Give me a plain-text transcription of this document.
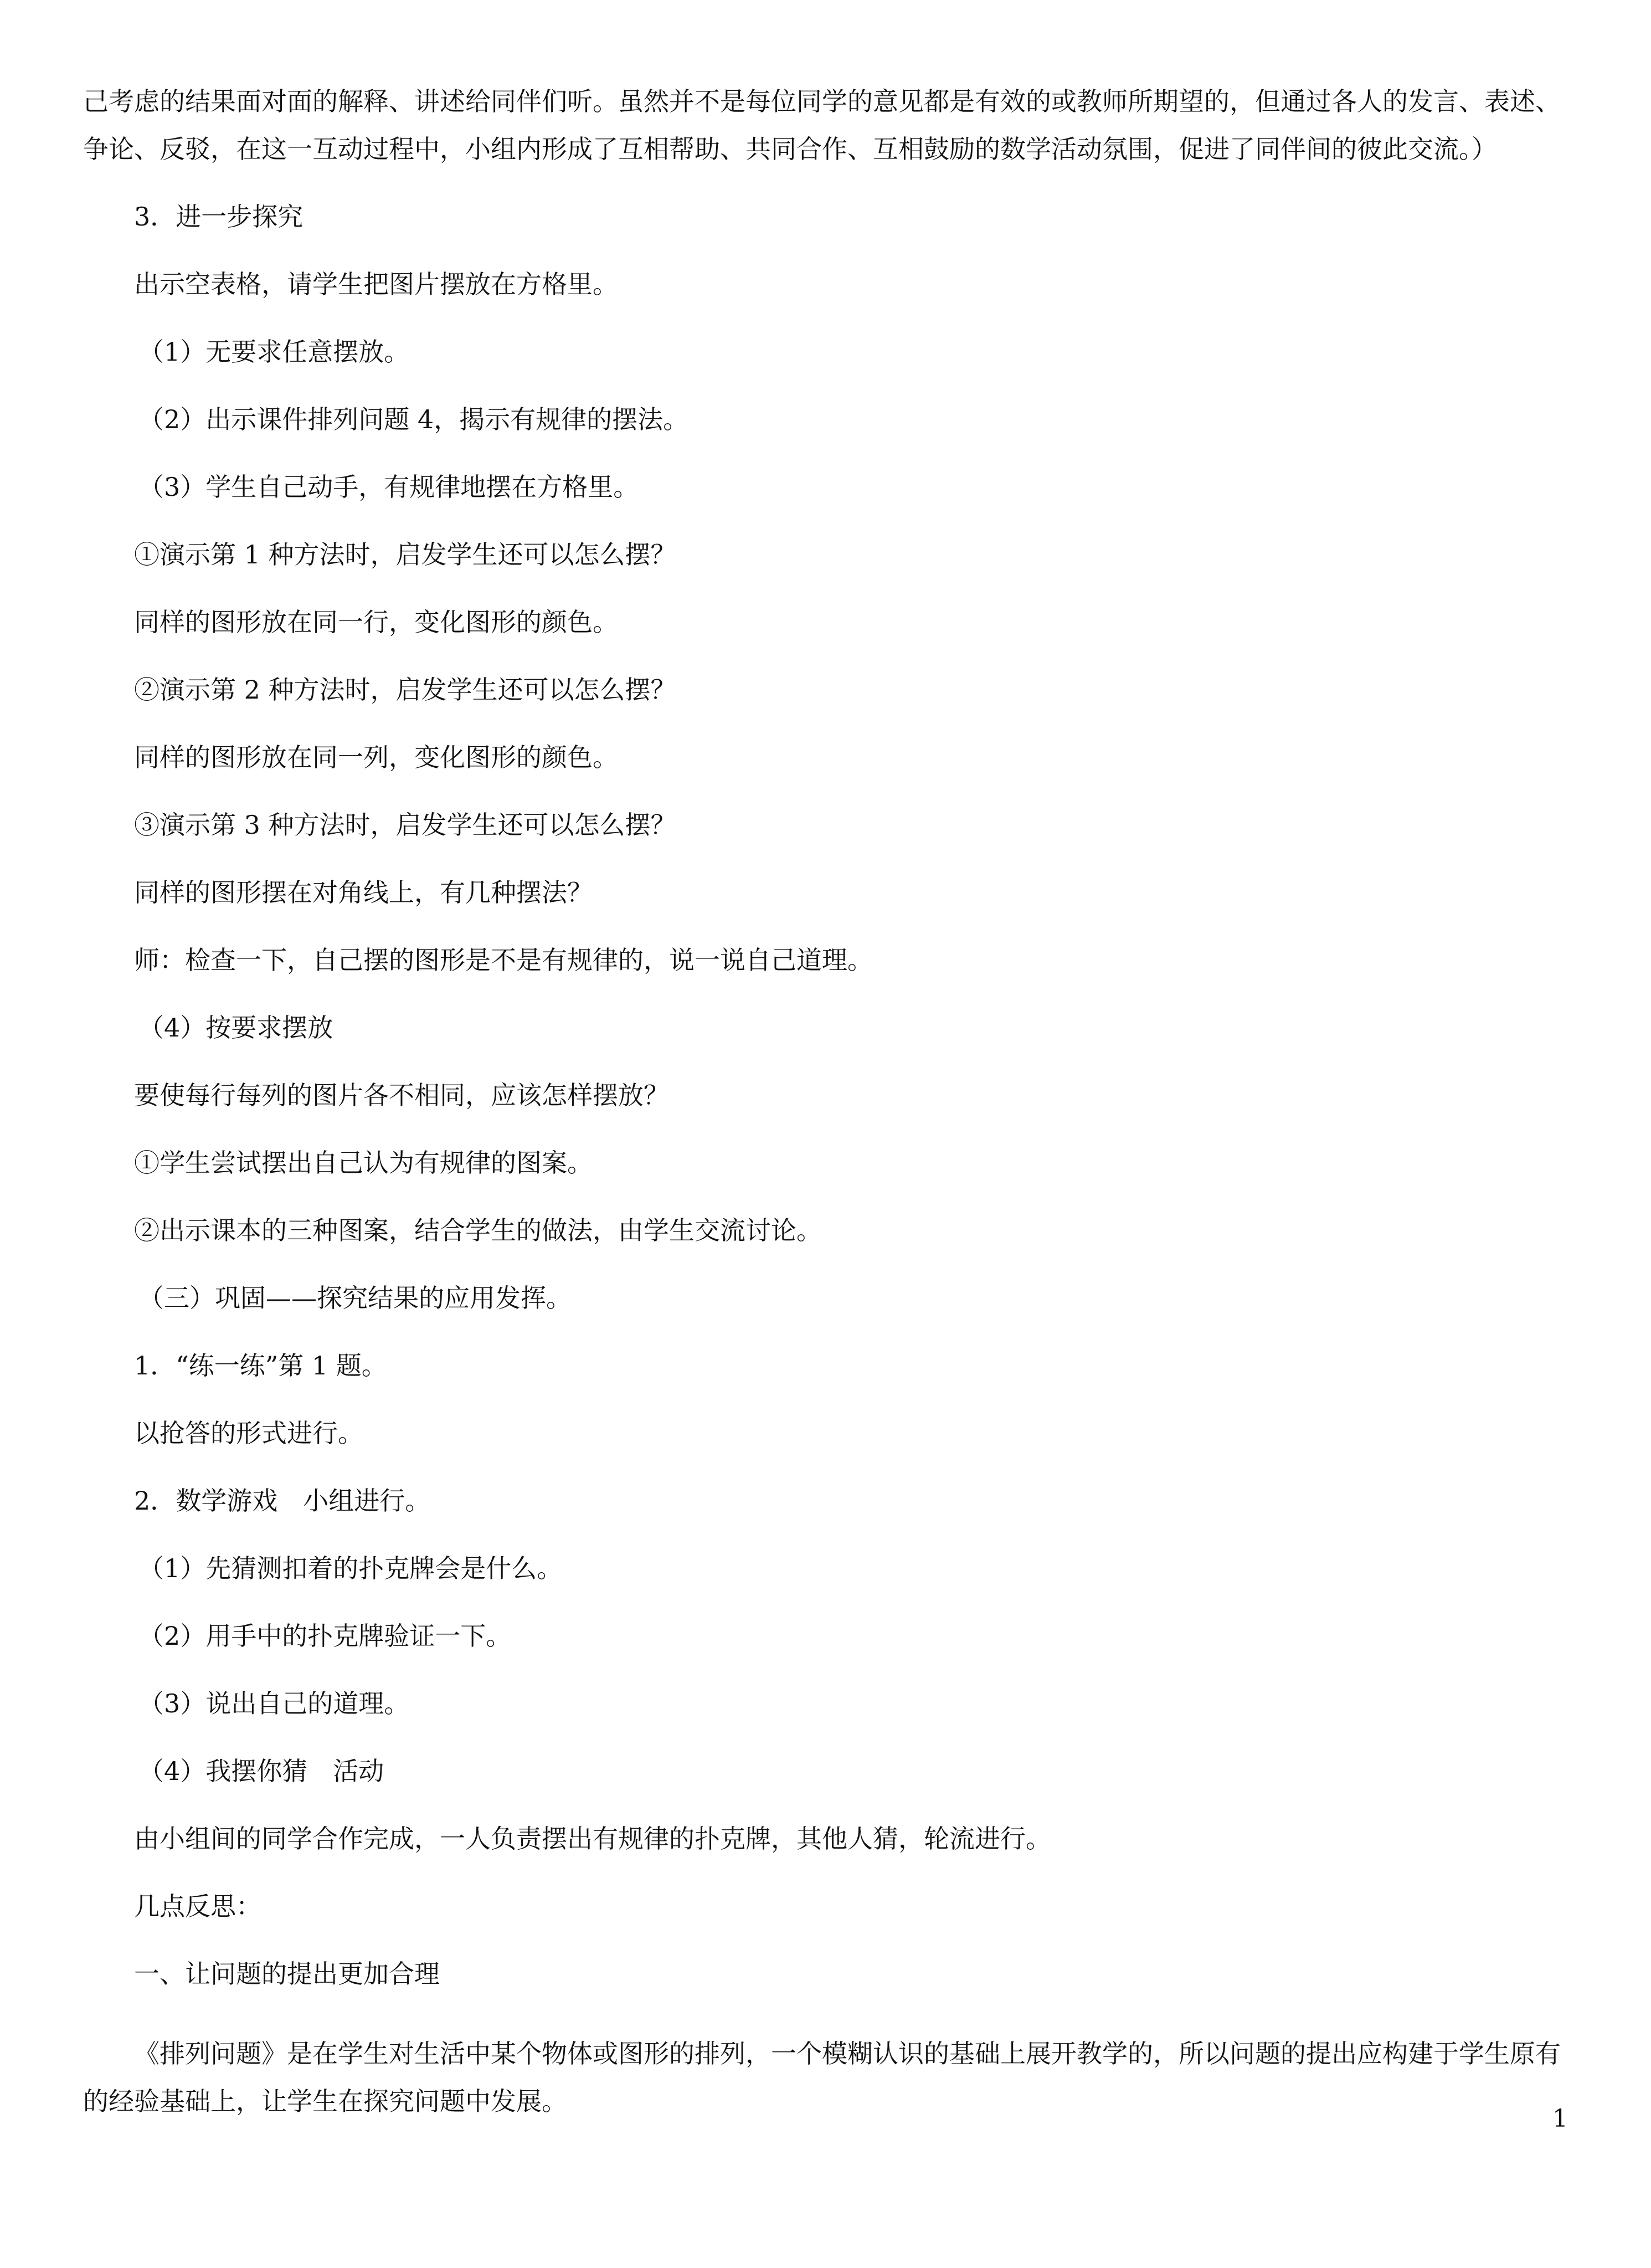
己考虑的结果面对面的解释、讲述给同伴们听。虽然并不是每位同学的意见都是有效的或教师所期望的，但通过各人的发言、表述、争论、反驳，在这一互动过程中，小组内形成了互相帮助、共同合作、互相鼓励的数学活动氛围，促进了同伴间的彼此交流。）

3．进一步探究

出示空表格，请学生把图片摆放在方格里。

（1）无要求任意摆放。

（2）出示课件排列问题 4，揭示有规律的摆法。

（3）学生自己动手，有规律地摆在方格里。

①演示第 1 种方法时，启发学生还可以怎么摆？

同样的图形放在同一行，变化图形的颜色。

②演示第 2 种方法时，启发学生还可以怎么摆？

同样的图形放在同一列，变化图形的颜色。

③演示第 3 种方法时，启发学生还可以怎么摆？

同样的图形摆在对角线上，有几种摆法？

师：检查一下，自己摆的图形是不是有规律的，说一说自己道理。

（4）按要求摆放

要使每行每列的图片各不相同，应该怎样摆放？

①学生尝试摆出自己认为有规律的图案。

②出示课本的三种图案，结合学生的做法，由学生交流讨论。

（三）巩固——探究结果的应用发挥。

1．“练一练”第 1 题。

以抢答的形式进行。

2．数学游戏　小组进行。

（1）先猜测扣着的扑克牌会是什么。

（2）用手中的扑克牌验证一下。

（3）说出自己的道理。

（4）我摆你猜　活动

由小组间的同学合作完成，一人负责摆出有规律的扑克牌，其他人猜，轮流进行。

几点反思：

一、让问题的提出更加合理

《排列问题》是在学生对生活中某个物体或图形的排列，一个模糊认识的基础上展开教学的，所以问题的提出应构建于学生原有的经验基础上，让学生在探究问题中发展。

1
